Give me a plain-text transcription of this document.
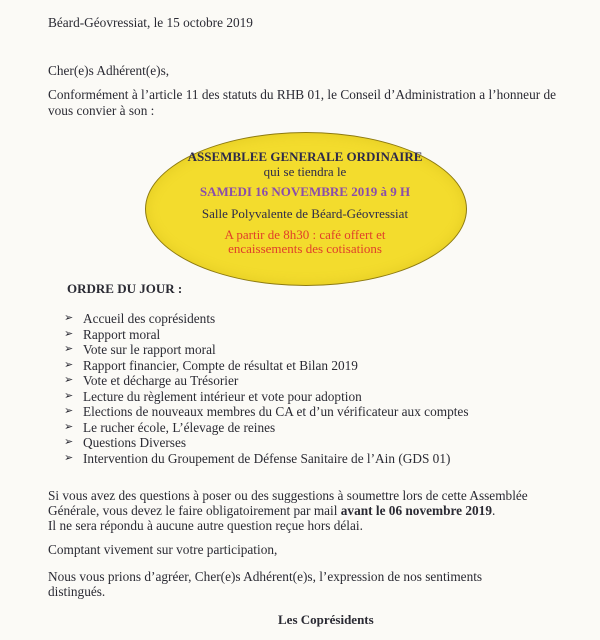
Béard-Géovressiat, le 15 octobre 2019

Cher(e)s Adhérent(e)s,

Conformément à l’article 11 des statuts du RHB 01, le Conseil d’Administration a l’honneur de vous convier à son :

ASSEMBLEE GENERALE ORDINAIRE

qui se tiendra le

SAMEDI 16 NOVEMBRE 2019 à 9 H

Salle Polyvalente de Béard-Géovressiat

A partir de 8h30 : café offert et

encaissements des cotisations

ORDRE DU JOUR :

➢ Accueil des coprésidents
➢ Rapport moral
➢ Vote sur le rapport moral
➢ Rapport financier, Compte de résultat et Bilan 2019
➢ Vote et décharge au Trésorier
➢ Lecture du règlement intérieur et vote pour adoption
➢ Elections de nouveaux membres du CA et d’un vérificateur aux comptes
➢ Le rucher école, L’élevage de reines
➢ Questions Diverses
➢ Intervention du Groupement de Défense Sanitaire de l’Ain (GDS 01)

Si vous avez des questions à poser ou des suggestions à soumettre lors de cette Assemblée

Générale, vous devez le faire obligatoirement par mail avant le 06 novembre 2019.

Il ne sera répondu à aucune autre question reçue hors délai.

Comptant vivement sur votre participation,

Nous vous prions d’agréer, Cher(e)s Adhérent(e)s, l’expression de nos sentiments

distingués.

Les Coprésidents
